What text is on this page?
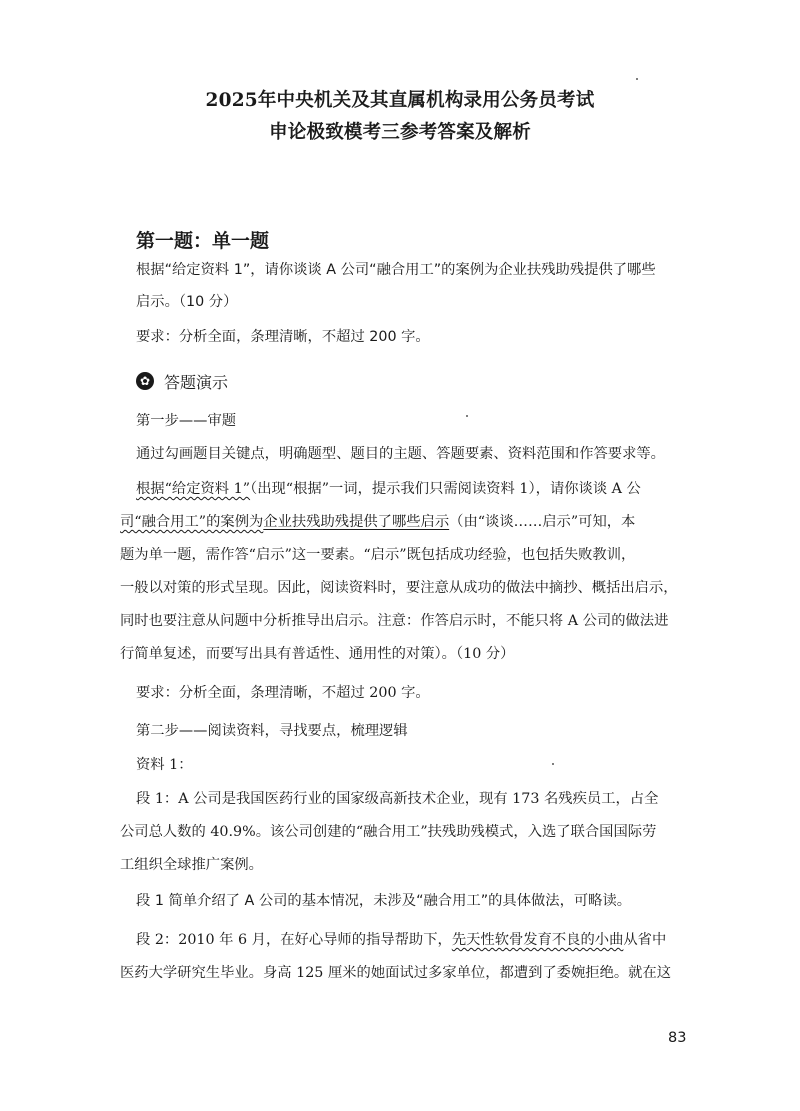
2025年中央机关及其直属机构录用公务员考试
申论极致模考三参考答案及解析
第一题：单一题
根据“给定资料 1”，请你谈谈 A 公司“融合用工”的案例为企业扶残助残提供了哪些
启示。（10 分）
要求：分析全面，条理清晰，不超过 200 字。
✿ 答题演示
第一步——审题
通过勾画题目关键点，明确题型、题目的主题、答题要素、资料范围和作答要求等。
根据“给定资料 1”（出现“根据”一词，提示我们只需阅读资料 1），请你谈谈 A 公
司“融合用工”的案例为企业扶残助残提供了哪些启示（由“谈谈……启示”可知，本
题为单一题，需作答“启示”这一要素。“启示”既包括成功经验，也包括失败教训，
一般以对策的形式呈现。因此，阅读资料时，要注意从成功的做法中摘抄、概括出启示，
同时也要注意从问题中分析推导出启示。注意：作答启示时，不能只将 A 公司的做法进
行简单复述，而要写出具有普适性、通用性的对策）。（10 分）
要求：分析全面，条理清晰，不超过 200 字。
第二步——阅读资料，寻找要点，梳理逻辑
资料 1：
段 1：A 公司是我国医药行业的国家级高新技术企业，现有 173 名残疾员工，占全
公司总人数的 40.9%。该公司创建的“融合用工”扶残助残模式，入选了联合国国际劳
工组织全球推广案例。
段 1 简单介绍了 A 公司的基本情况，未涉及“融合用工”的具体做法，可略读。
段 2：2010 年 6 月，在好心导师的指导帮助下，先天性软骨发育不良的小曲从省中
医药大学研究生毕业。身高 125 厘米的她面试过多家单位，都遭到了委婉拒绝。就在这
83
